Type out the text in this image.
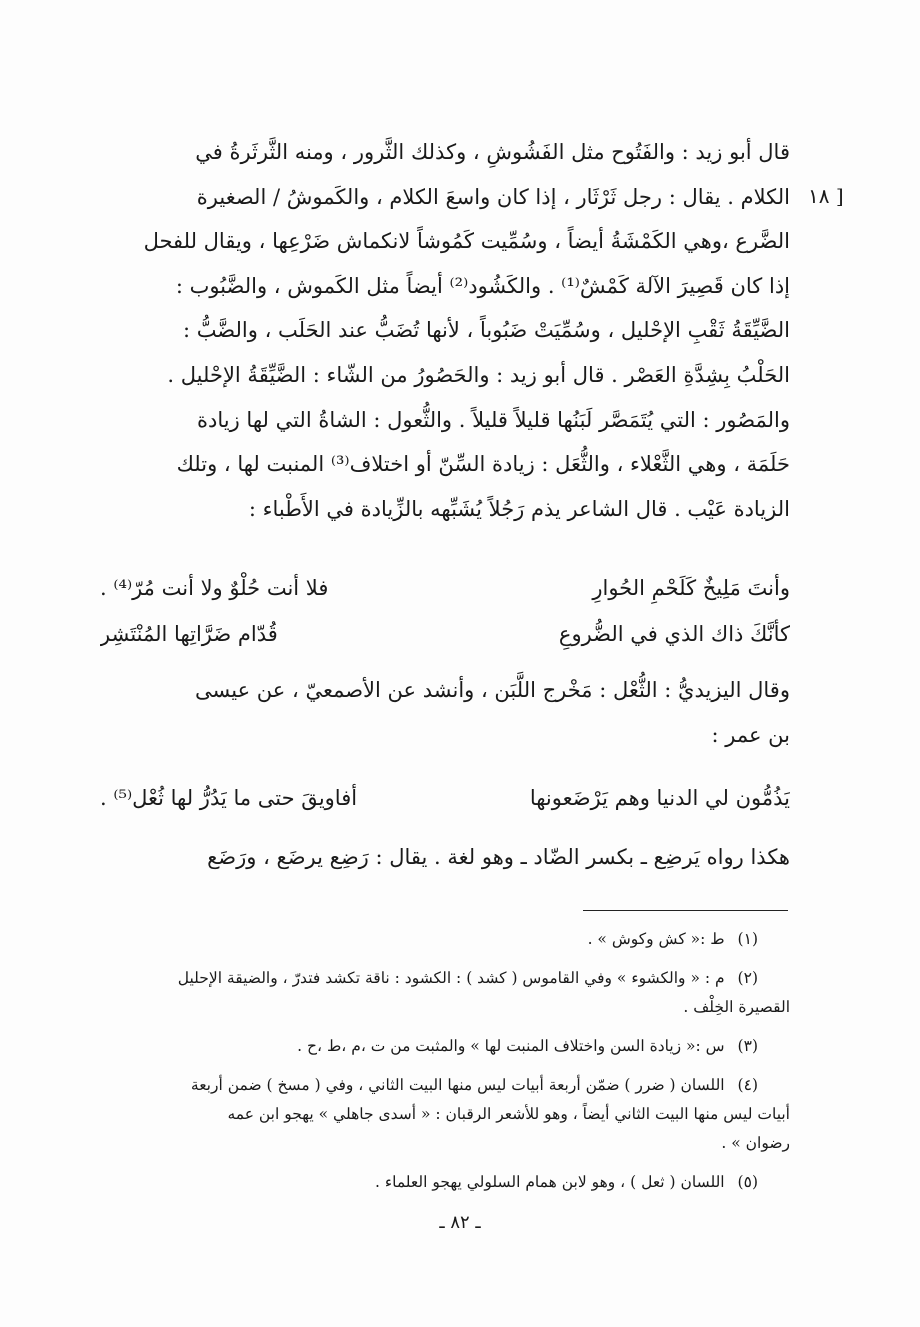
[ ١٨
قال أبو زيد : والفَتُوح مثل الفَشُوشِ ، وكذلك الثَّرور ، ومنه الثَّرثَرةُ في
الكلام . يقال : رجل ثَرْثَار ، إذا كان واسعَ الكلام ، والكَموشُ / الصغيرة
الضَّرع ،وهي الكَمْشَةُ أيضاً ، وسُمِّيت كَمُوشاً لانكماش ضَرْعِها ، ويقال للفحل
إذا كان قَصِيرَ الآلة كَمْشٌ⁽¹⁾ . والكَشُود⁽²⁾ أيضاً مثل الكَموش ، والضَّبُوب :
الضَّيِّقَةُ ثَقْبِ الإحْليل ، وسُمِّيَتْ ضَبُوباً ، لأنها تُضَبُّ عند الحَلَب ، والضَّبُّ :
الحَلْبُ بِشِدَّةِ العَصْر . قال أبو زيد : والحَصُورُ من الشّاء : الضَّيِّقَةُ الإحْليل .
والمَصُور : التي يُتَمَصَّر لَبَنُها قليلاً قليلاً . والثُّعول : الشاةُ التي لها زيادة
حَلَمَة ، وهي الثَّعْلاء ، والثُّعَل : زيادة السِّنّ أو اختلاف⁽³⁾ المنبت لها ، وتلك
الزيادة عَيْب . قال الشاعر يذم رَجُلاً يُشَبِّهه بالزِّيادة في الأَطْباء :
وأنتَ مَلِيخٌ كَلَحْمِ الحُوارِ
فلا أنت حُلْوٌ ولا أنت مُرّ⁽⁴⁾ .
كأنَّكَ ذاك الذي في الضُّروعِ
قُدّام ضَرَّاتِها المُنْتَشِر
وقال اليزيديُّ : الثُّعْل : مَخْرج اللَّبَن ، وأنشد عن الأصمعيّ ، عن عيسى
بن عمر :
يَذُمُّون لي الدنيا وهم يَرْضَعونها
أفاويقَ حتى ما يَدُرُّ لها ثُعْل⁽⁵⁾ .
هكذا رواه يَرضِع ـ بكسر الضّاد ـ وهو لغة . يقال : رَضِع يرضَع ، ورَضَع
(١) ط :« كش وكوش » .
(٢) م : « والكشوء » وفي القاموس ( كشد ) : الكشود : ناقة تكشد فتدرّ ، والضيقة الإحليل
القصيرة الخِلْف .
(٣) س :« زيادة السن واختلاف المنبت لها » والمثبت من ت ،م ،ط ،ح .
(٤) اللسان ( ضرر ) ضمّن أربعة أبيات ليس منها البيت الثاني ، وفي ( مسخ ) ضمن أربعة
أبيات ليس منها البيت الثاني أيضاً ، وهو للأشعر الرقبان : « أسدى جاهلي » يهجو ابن عمه
رضوان » .
(٥) اللسان ( ثعل ) ، وهو لابن همام السلولي يهجو العلماء .
ـ ٨٢ ـ
